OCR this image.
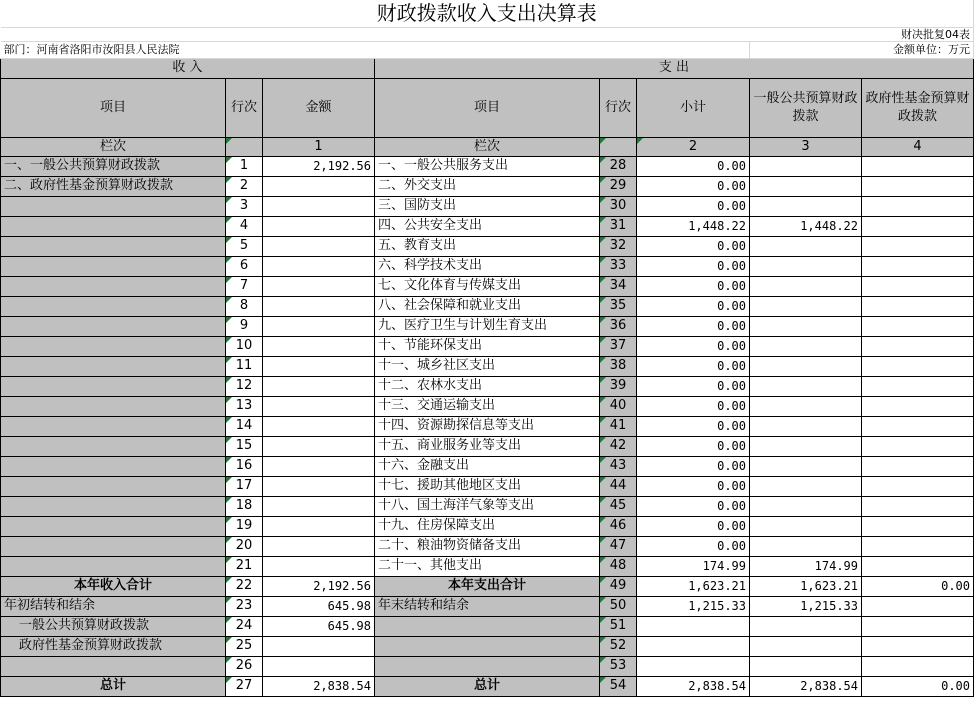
财政拨款收入支出决算表							
财决批复04表							
部门：河南省洛阳市汝阳县人民法院						金额单位：万元	
收 入			支 出				
项目	行次	金额	项目	行次	小计	一般公共预算财政拨款	政府性基金预算财政拨款
栏次		1	栏次		2	3	4
一、一般公共预算财政拨款	1	2,192.56	一、一般公共服务支出	28	0.00		
二、政府性基金预算财政拨款	2		二、外交支出	29	0.00		
	3		三、国防支出	30	0.00		
	4		四、公共安全支出	31	1,448.22	1,448.22	
	5		五、教育支出	32	0.00		
	6		六、科学技术支出	33	0.00		
	7		七、文化体育与传媒支出	34	0.00		
	8		八、社会保障和就业支出	35	0.00		
	9		九、医疗卫生与计划生育支出	36	0.00		
	10		十、节能环保支出	37	0.00		
	11		十一、城乡社区支出	38	0.00		
	12		十二、农林水支出	39	0.00		
	13		十三、交通运输支出	40	0.00		
	14		十四、资源勘探信息等支出	41	0.00		
	15		十五、商业服务业等支出	42	0.00		
	16		十六、金融支出	43	0.00		
	17		十七、援助其他地区支出	44	0.00		
	18		十八、国土海洋气象等支出	45	0.00		
	19		十九、住房保障支出	46	0.00		
	20		二十、粮油物资储备支出	47	0.00		
	21		二十一、其他支出	48	174.99	174.99	
本年收入合计	22	2,192.56	本年支出合计	49	1,623.21	1,623.21	0.00
年初结转和结余	23	645.98	年末结转和结余	50	1,215.33	1,215.33	
一般公共预算财政拨款	24	645.98		51			
政府性基金预算财政拨款	25			52			
	26			53			
总计	27	2,838.54	总计	54	2,838.54	2,838.54	0.00
